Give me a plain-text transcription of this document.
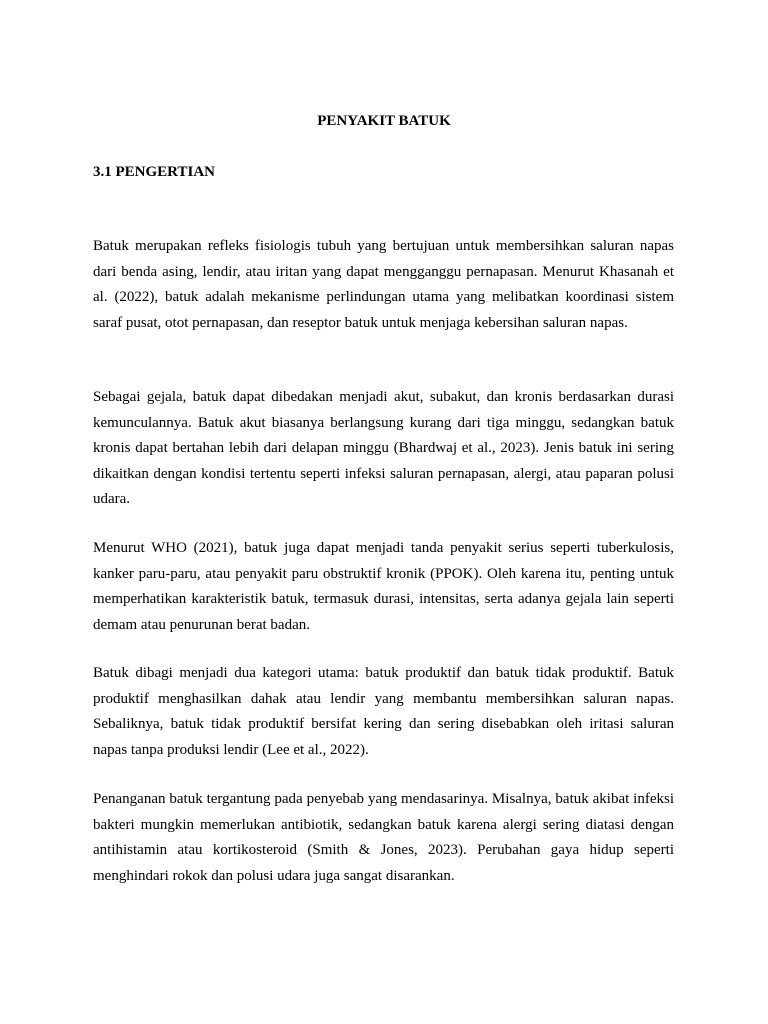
PENYAKIT BATUK
3.1 PENGERTIAN

Batuk merupakan refleks fisiologis tubuh yang bertujuan untuk membersihkan saluran napas dari benda asing, lendir, atau iritan yang dapat mengganggu pernapasan. Menurut Khasanah et al. (2022), batuk adalah mekanisme perlindungan utama yang melibatkan koordinasi sistem saraf pusat, otot pernapasan, dan reseptor batuk untuk menjaga kebersihan saluran napas.

Sebagai gejala, batuk dapat dibedakan menjadi akut, subakut, dan kronis berdasarkan durasi kemunculannya. Batuk akut biasanya berlangsung kurang dari tiga minggu, sedangkan batuk kronis dapat bertahan lebih dari delapan minggu (Bhardwaj et al., 2023). Jenis batuk ini sering dikaitkan dengan kondisi tertentu seperti infeksi saluran pernapasan, alergi, atau paparan polusi udara.

Menurut WHO (2021), batuk juga dapat menjadi tanda penyakit serius seperti tuberkulosis, kanker paru-paru, atau penyakit paru obstruktif kronik (PPOK). Oleh karena itu, penting untuk memperhatikan karakteristik batuk, termasuk durasi, intensitas, serta adanya gejala lain seperti demam atau penurunan berat badan.

Batuk dibagi menjadi dua kategori utama: batuk produktif dan batuk tidak produktif. Batuk produktif menghasilkan dahak atau lendir yang membantu membersihkan saluran napas. Sebaliknya, batuk tidak produktif bersifat kering dan sering disebabkan oleh iritasi saluran napas tanpa produksi lendir (Lee et al., 2022).

Penanganan batuk tergantung pada penyebab yang mendasarinya. Misalnya, batuk akibat infeksi bakteri mungkin memerlukan antibiotik, sedangkan batuk karena alergi sering diatasi dengan antihistamin atau kortikosteroid (Smith & Jones, 2023). Perubahan gaya hidup seperti menghindari rokok dan polusi udara juga sangat disarankan.
